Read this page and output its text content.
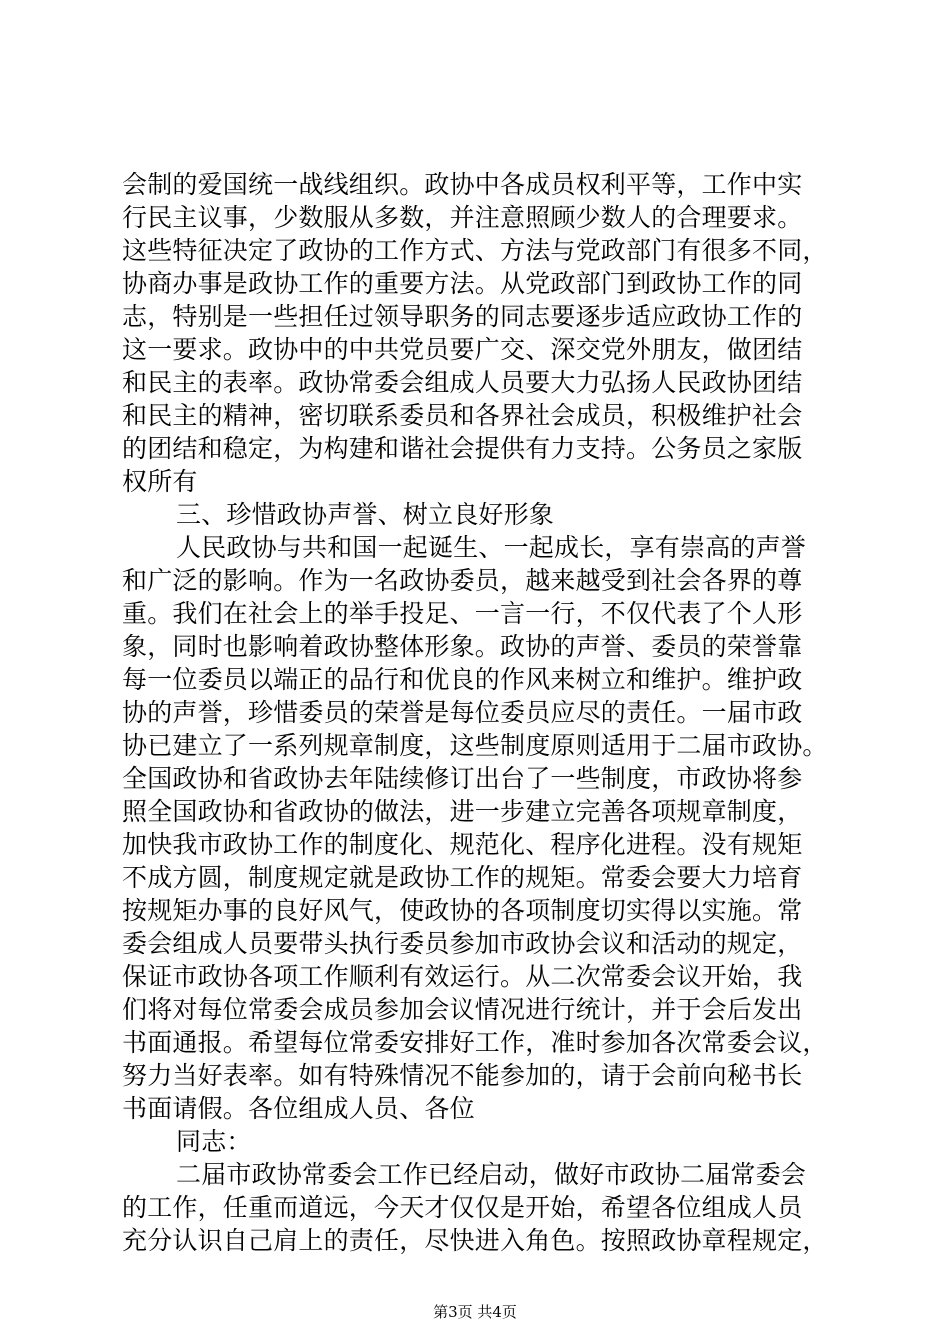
会制的爱国统一战线组织。政协中各成员权利平等，工作中实
行民主议事，少数服从多数，并注意照顾少数人的合理要求。
这些特征决定了政协的工作方式、方法与党政部门有很多不同，
协商办事是政协工作的重要方法。从党政部门到政协工作的同
志，特别是一些担任过领导职务的同志要逐步适应政协工作的
这一要求。政协中的中共党员要广交、深交党外朋友，做团结
和民主的表率。政协常委会组成人员要大力弘扬人民政协团结
和民主的精神，密切联系委员和各界社会成员，积极维护社会
的团结和稳定，为构建和谐社会提供有力支持。公务员之家版
权所有
三、珍惜政协声誉、树立良好形象
人民政协与共和国一起诞生、一起成长，享有崇高的声誉
和广泛的影响。作为一名政协委员，越来越受到社会各界的尊
重。我们在社会上的举手投足、一言一行，不仅代表了个人形
象，同时也影响着政协整体形象。政协的声誉、委员的荣誉靠
每一位委员以端正的品行和优良的作风来树立和维护。维护政
协的声誉，珍惜委员的荣誉是每位委员应尽的责任。一届市政
协已建立了一系列规章制度，这些制度原则适用于二届市政协。
全国政协和省政协去年陆续修订出台了一些制度，市政协将参
照全国政协和省政协的做法，进一步建立完善各项规章制度，
加快我市政协工作的制度化、规范化、程序化进程。没有规矩
不成方圆，制度规定就是政协工作的规矩。常委会要大力培育
按规矩办事的良好风气，使政协的各项制度切实得以实施。常
委会组成人员要带头执行委员参加市政协会议和活动的规定，
保证市政协各项工作顺利有效运行。从二次常委会议开始，我
们将对每位常委会成员参加会议情况进行统计，并于会后发出
书面通报。希望每位常委安排好工作，准时参加各次常委会议，
努力当好表率。如有特殊情况不能参加的，请于会前向秘书长
书面请假。各位组成人员、各位
同志：
二届市政协常委会工作已经启动，做好市政协二届常委会
的工作，任重而道远，今天才仅仅是开始，希望各位组成人员
充分认识自己肩上的责任，尽快进入角色。按照政协章程规定，
第3页 共4页
